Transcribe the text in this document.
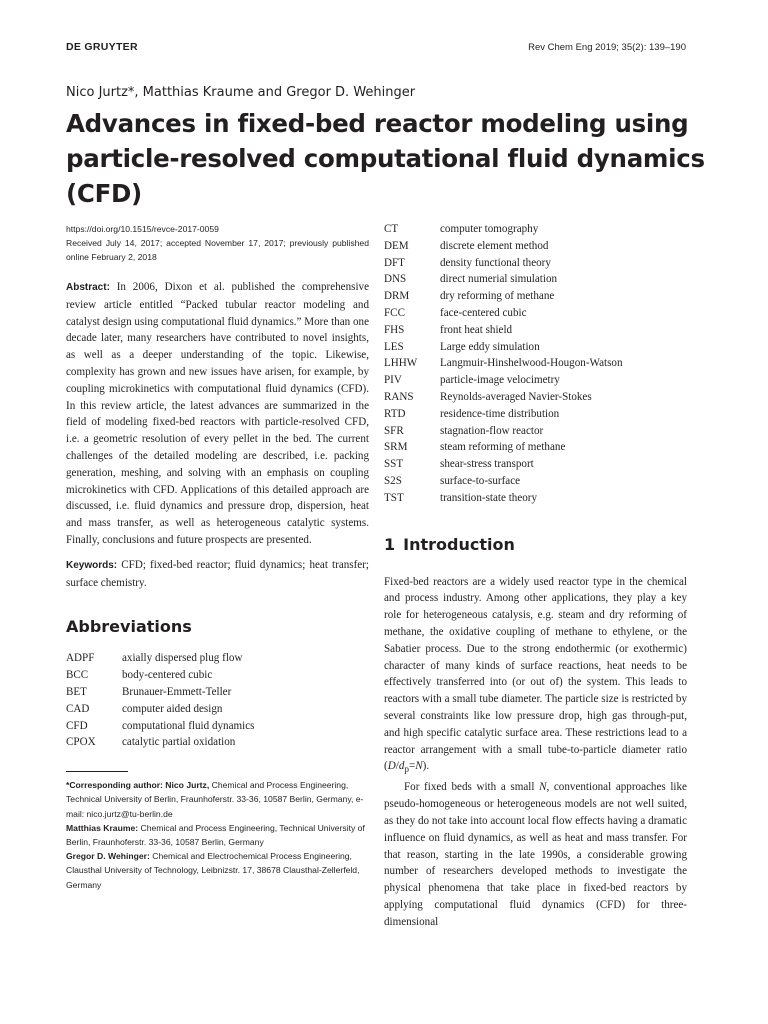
DE GRUYTER	Rev Chem Eng 2019; 35(2): 139–190
Nico Jurtz*, Matthias Kraume and Gregor D. Wehinger
Advances in fixed-bed reactor modeling using particle-resolved computational fluid dynamics (CFD)
https://doi.org/10.1515/revce-2017-0059
Received July 14, 2017; accepted November 17, 2017; previously published online February 2, 2018
Abstract: In 2006, Dixon et al. published the comprehensive review article entitled “Packed tubular reactor modeling and catalyst design using computational fluid dynamics.” More than one decade later, many researchers have contributed to novel insights, as well as a deeper understanding of the topic. Likewise, complexity has grown and new issues have arisen, for example, by coupling microkinetics with computational fluid dynamics (CFD). In this review article, the latest advances are summarized in the field of modeling fixed-bed reactors with particle-resolved CFD, i.e. a geometric resolution of every pellet in the bed. The current challenges of the detailed modeling are described, i.e. packing generation, meshing, and solving with an emphasis on coupling microkinetics with CFD. Applications of this detailed approach are discussed, i.e. fluid dynamics and pressure drop, dispersion, heat and mass transfer, as well as heterogeneous catalytic systems. Finally, conclusions and future prospects are presented.
Keywords: CFD; fixed-bed reactor; fluid dynamics; heat transfer; surface chemistry.
Abbreviations
ADPF	axially dispersed plug flow
BCC	body-centered cubic
BET	Brunauer-Emmett-Teller
CAD	computer aided design
CFD	computational fluid dynamics
CPOX	catalytic partial oxidation

*Corresponding author: Nico Jurtz, Chemical and Process Engineering, Technical University of Berlin, Fraunhoferstr. 33-36, 10587 Berlin, Germany, e-mail: nico.jurtz@tu-berlin.de

Matthias Kraume: Chemical and Process Engineering, Technical University of Berlin, Fraunhoferstr. 33-36, 10587 Berlin, Germany

Gregor D. Wehinger: Chemical and Electrochemical Process Engineering, Clausthal University of Technology, Leibnizstr. 17, 38678 Clausthal-Zellerfeld, Germany

CT	computer tomography
DEM	discrete element method
DFT	density functional theory
DNS	direct numerial simulation
DRM	dry reforming of methane
FCC	face-centered cubic
FHS	front heat shield
LES	Large eddy simulation
LHHW	Langmuir-Hinshelwood-Hougon-Watson
PIV	particle-image velocimetry
RANS	Reynolds-averaged Navier-Stokes
RTD	residence-time distribution
SFR	stagnation-flow reactor
SRM	steam reforming of methane
SST	shear-stress transport
S2S	surface-to-surface
TST	transition-state theory
1 Introduction
Fixed-bed reactors are a widely used reactor type in the chemical and process industry. Among other applications, they play a key role for heterogeneous catalysis, e.g. steam and dry reforming of methane, the oxidative coupling of methane to ethylene, or the Sabatier process. Due to the strong endothermic (or exothermic) character of many kinds of surface reactions, heat needs to be effectively transferred into (or out of) the system. This leads to reactors with a small tube diameter. The particle size is restricted by several constraints like low pressure drop, high gas through-put, and high specific catalytic surface area. These restrictions lead to a reactor arrangement with a small tube-to-particle diameter ratio $(D/d_p=N)$.
For fixed beds with a small N, conventional approaches like pseudo-homogeneous or heterogeneous models are not well suited, as they do not take into account local flow effects having a dramatic influence on fluid dynamics, as well as heat and mass transfer. For that reason, starting in the late 1990s, a considerable growing number of researchers developed methods to investigate the physical phenomena that take place in fixed-bed reactors by applying computational fluid dynamics (CFD) for three-dimensional
